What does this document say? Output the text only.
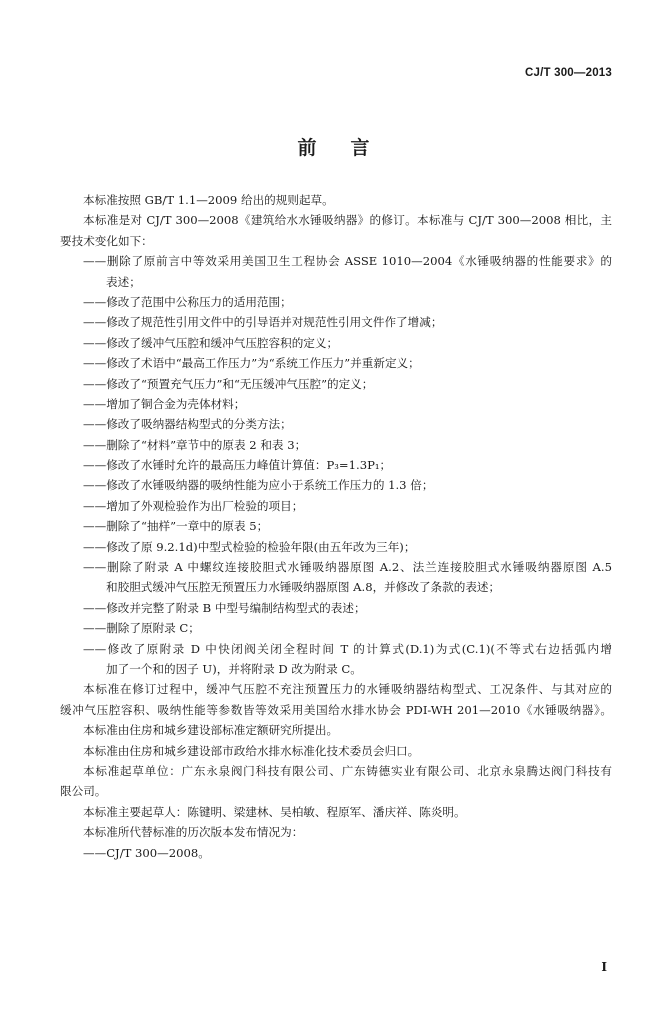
CJ/T 300—2013
前言
本标准按照 GB/T 1.1—2009 给出的规则起草。
本标准是对 CJ/T 300—2008《建筑给水水锤吸纳器》的修订。本标准与 CJ/T 300—2008 相比，主
要技术变化如下：
——删除了原前言中等效采用美国卫生工程协会 ASSE 1010—2004《水锤吸纳器的性能要求》的
表述；
——修改了范围中公称压力的适用范围；
——修改了规范性引用文件中的引导语并对规范性引用文件作了增减；
——修改了缓冲气压腔和缓冲气压腔容积的定义；
——修改了术语中“最高工作压力”为“系统工作压力”并重新定义；
——修改了“预置充气压力”和“无压缓冲气压腔”的定义；
——增加了铜合金为壳体材料；
——修改了吸纳器结构型式的分类方法；
——删除了“材料”章节中的原表 2 和表 3；
——修改了水锤时允许的最高压力峰值计算值：P₃=1.3P₁；
——修改了水锤吸纳器的吸纳性能为应小于系统工作压力的 1.3 倍；
——增加了外观检验作为出厂检验的项目；
——删除了“抽样”一章中的原表 5；
——修改了原 9.2.1d)中型式检验的检验年限(由五年改为三年)；
——删除了附录 A 中螺纹连接胶胆式水锤吸纳器原图 A.2、法兰连接胶胆式水锤吸纳器原图 A.5
和胶胆式缓冲气压腔无预置压力水锤吸纳器原图 A.8，并修改了条款的表述；
——修改并完整了附录 B 中型号编制结构型式的表述；
——删除了原附录 C；
——修改了原附录 D 中快闭阀关闭全程时间 T 的计算式(D.1)为式(C.1)(不等式右边括弧内增
加了一个和的因子 U)，并将附录 D 改为附录 C。
本标准在修订过程中，缓冲气压腔不充注预置压力的水锤吸纳器结构型式、工况条件、与其对应的
缓冲气压腔容积、吸纳性能等参数皆等效采用美国给水排水协会 PDI-WH 201—2010《水锤吸纳器》。
本标准由住房和城乡建设部标准定额研究所提出。
本标准由住房和城乡建设部市政给水排水标准化技术委员会归口。
本标准起草单位：广东永泉阀门科技有限公司、广东铸德实业有限公司、北京永泉腾达阀门科技有
限公司。
本标准主要起草人：陈键明、梁建林、吴柏敏、程原军、潘庆祥、陈炎明。
本标准所代替标准的历次版本发布情况为：
——CJ/T 300—2008。
I
